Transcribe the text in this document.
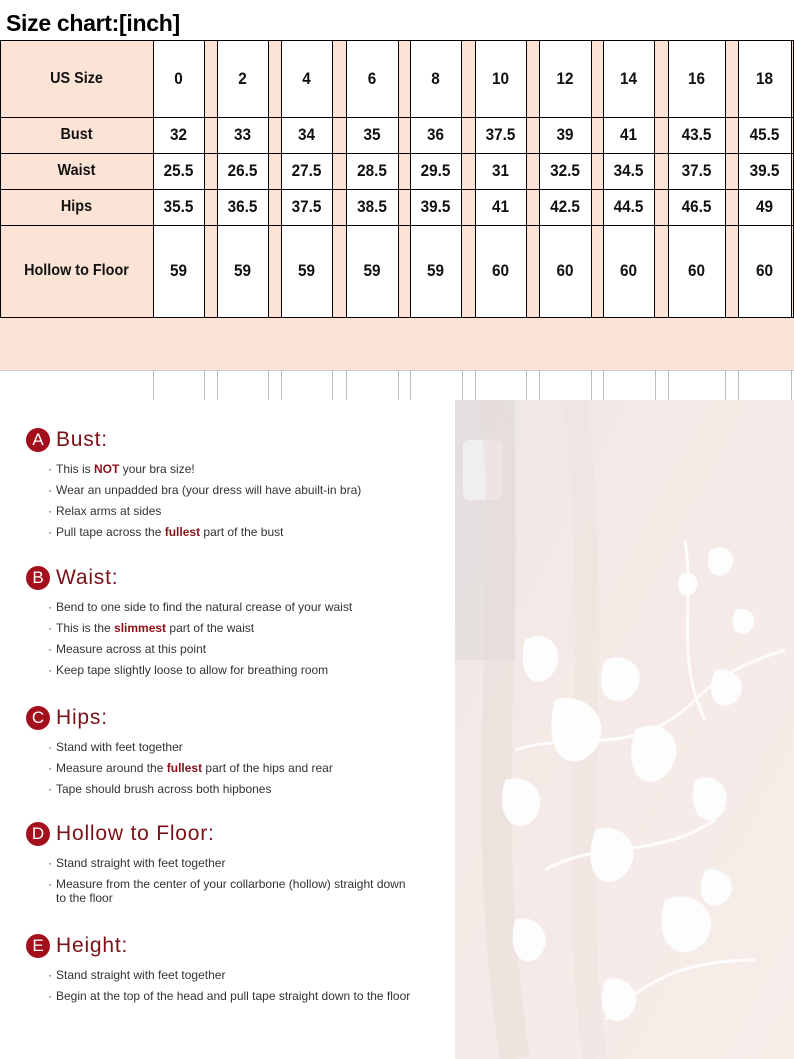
Size chart:[inch]
US Size	0	2	4	6	8	10	12	14	16	18
Bust	32	33	34	35	36	37.5	39	41	43.5	45.5
Waist	25.5	26.5	27.5	28.5	29.5	31	32.5	34.5	37.5	39.5
Hips	35.5	36.5	37.5	38.5	39.5	41	42.5	44.5	46.5	49
Hollow to Floor	59	59	59	59	59	60	60	60	60	60
A Bust:
· This is NOT your bra size!
· Wear an unpadded bra (your dress will have abuilt-in bra)
· Relax arms at sides
· Pull tape across the fullest part of the bust
B Waist:
· Bend to one side to find the natural crease of your waist
· This is the slimmest part of the waist
· Measure across at this point
· Keep tape slightly loose to allow for breathing room
C Hips:
· Stand with feet together
· Measure around the fullest part of the hips and rear
· Tape should brush across both hipbones
D Hollow to Floor:
· Stand straight with feet together
· Measure from the center of your collarbone (hollow) straight down to the floor
E Height:
· Stand straight with feet together
· Begin at the top of the head and pull tape straight down to the floor
